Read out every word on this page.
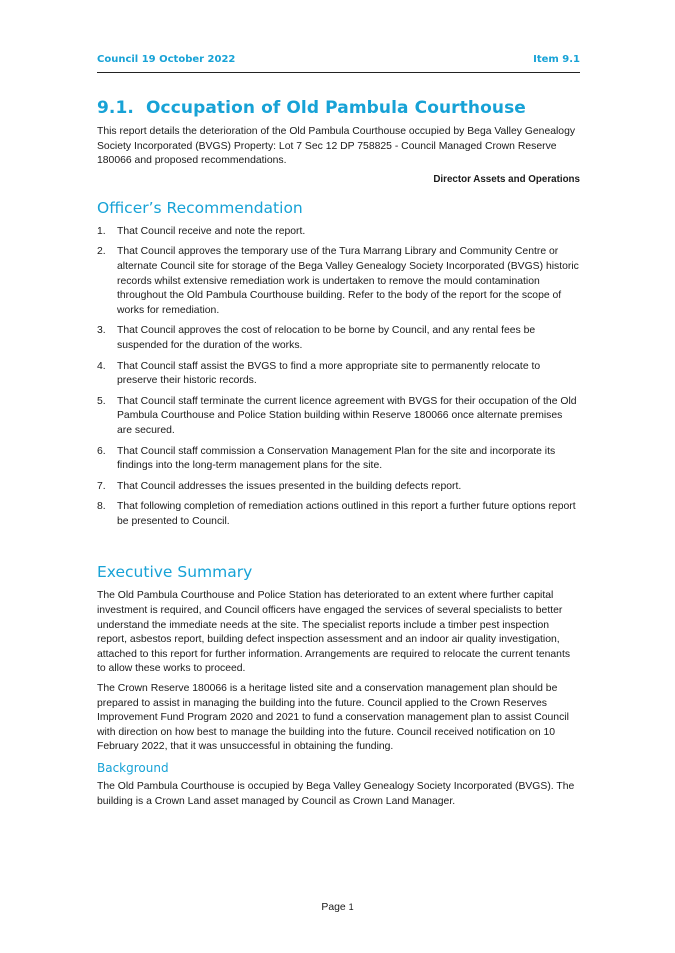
Council 19 October 2022	Item 9.1
9.1. Occupation of Old Pambula Courthouse

This report details the deterioration of the Old Pambula Courthouse occupied by Bega Valley Genealogy Society Incorporated (BVGS) Property: Lot 7 Sec 12 DP 758825 - Council Managed Crown Reserve 180066 and proposed recommendations.

Director Assets and Operations
Officer’s Recommendation
1. That Council receive and note the report.
2. That Council approves the temporary use of the Tura Marrang Library and Community Centre or alternate Council site for storage of the Bega Valley Genealogy Society Incorporated (BVGS) historic records whilst extensive remediation work is undertaken to remove the mould contamination throughout the Old Pambula Courthouse building. Refer to the body of the report for the scope of works for remediation.
3. That Council approves the cost of relocation to be borne by Council, and any rental fees be suspended for the duration of the works.
4. That Council staff assist the BVGS to find a more appropriate site to permanently relocate to preserve their historic records.
5. That Council staff terminate the current licence agreement with BVGS for their occupation of the Old Pambula Courthouse and Police Station building within Reserve 180066 once alternate premises are secured.
6. That Council staff commission a Conservation Management Plan for the site and incorporate its findings into the long-term management plans for the site.
7. That Council addresses the issues presented in the building defects report.
8. That following completion of remediation actions outlined in this report a further future options report be presented to Council.
Executive Summary

The Old Pambula Courthouse and Police Station has deteriorated to an extent where further capital investment is required, and Council officers have engaged the services of several specialists to better understand the immediate needs at the site. The specialist reports include a timber pest inspection report, asbestos report, building defect inspection assessment and an indoor air quality investigation, attached to this report for further information. Arrangements are required to relocate the current tenants to allow these works to proceed.

The Crown Reserve 180066 is a heritage listed site and a conservation management plan should be prepared to assist in managing the building into the future. Council applied to the Crown Reserves Improvement Fund Program 2020 and 2021 to fund a conservation management plan to assist Council with direction on how best to manage the building into the future. Council received notification on 10 February 2022, that it was unsuccessful in obtaining the funding.

Background

The Old Pambula Courthouse is occupied by Bega Valley Genealogy Society Incorporated (BVGS). The building is a Crown Land asset managed by Council as Crown Land Manager.

Page 1
